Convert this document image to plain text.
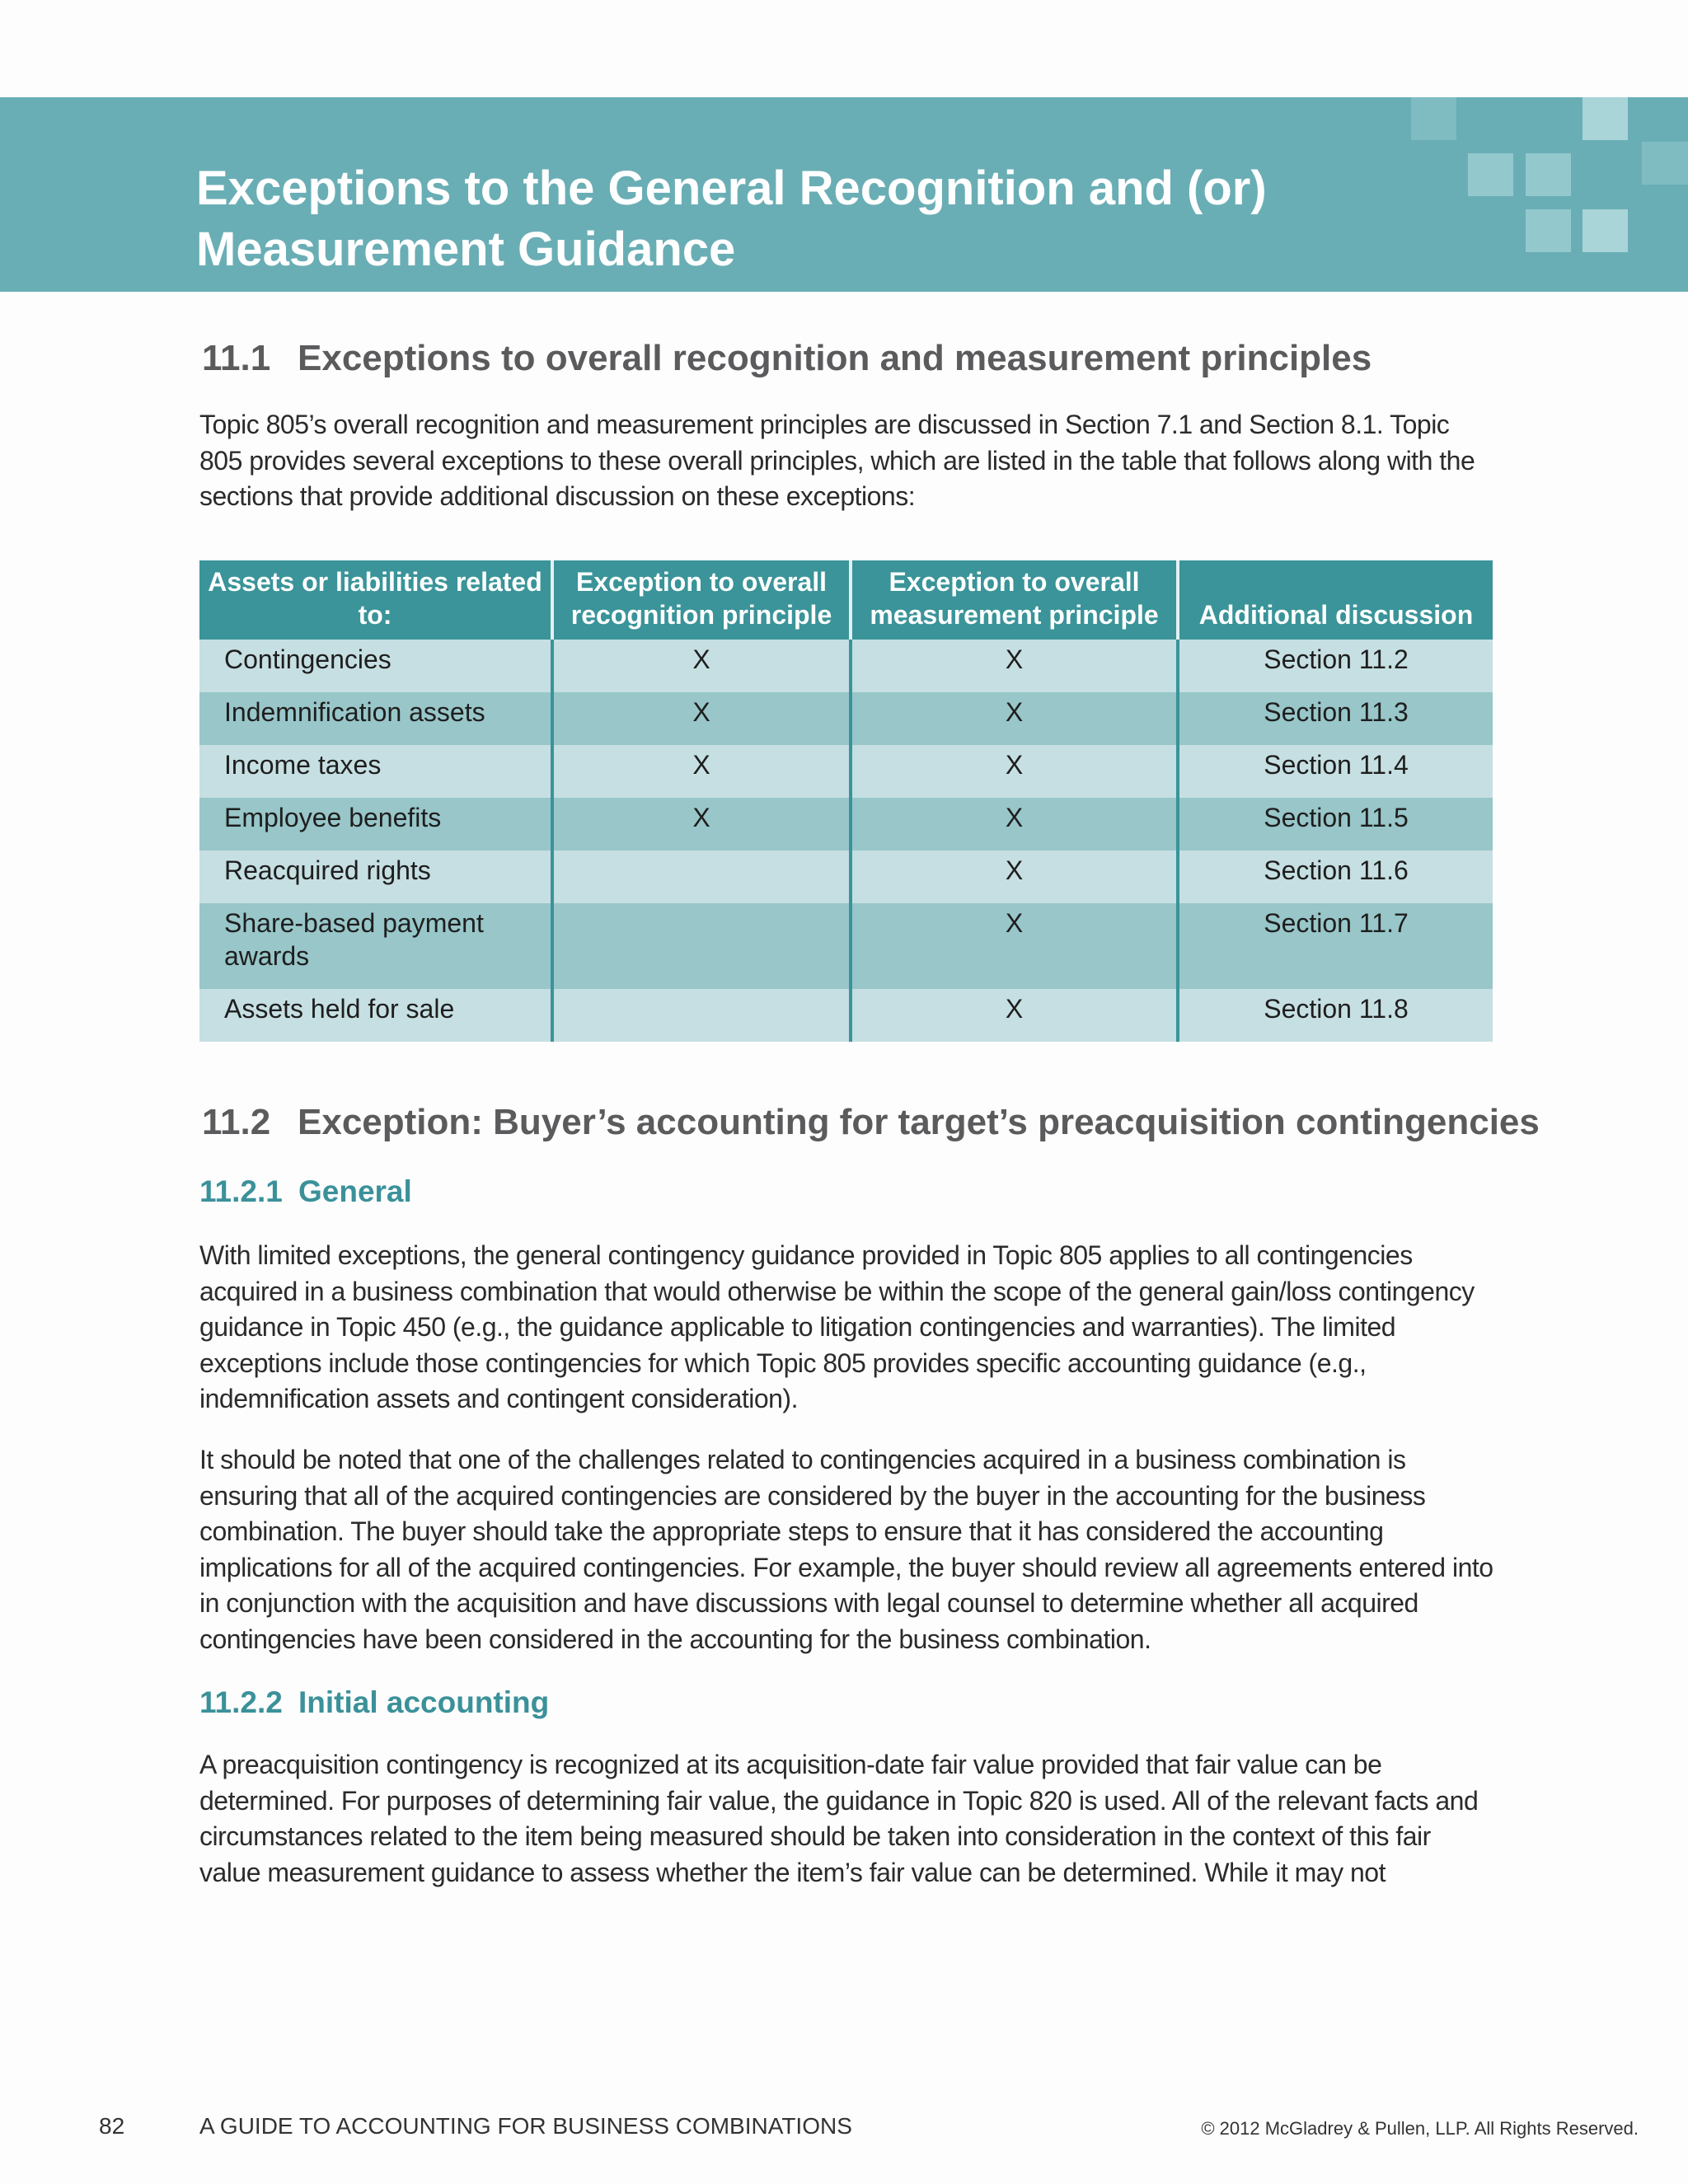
Exceptions to the General Recognition and (or)
Measurement Guidance
11.1 Exceptions to overall recognition and measurement principles

Topic 805’s overall recognition and measurement principles are discussed in Section 7.1 and Section 8.1. Topic 805 provides several exceptions to these overall principles, which are listed in the table that follows along with the sections that provide additional discussion on these exceptions:

Assets or liabilities related to:	Exception to overall recognition principle	Exception to overall measurement principle	Additional discussion
Contingencies	X	X	Section 11.2
Indemnification assets	X	X	Section 11.3
Income taxes	X	X	Section 11.4
Employee benefits	X	X	Section 11.5
Reacquired rights		X	Section 11.6
Share-based payment awards		X	Section 11.7
Assets held for sale		X	Section 11.8
11.2 Exception: Buyer’s accounting for target’s preacquisition contingencies
11.2.1 General

With limited exceptions, the general contingency guidance provided in Topic 805 applies to all contingencies acquired in a business combination that would otherwise be within the scope of the general gain/loss contingency guidance in Topic 450 (e.g., the guidance applicable to litigation contingencies and warranties). The limited exceptions include those contingencies for which Topic 805 provides specific accounting guidance (e.g., indemnification assets and contingent consideration).

It should be noted that one of the challenges related to contingencies acquired in a business combination is ensuring that all of the acquired contingencies are considered by the buyer in the accounting for the business combination. The buyer should take the appropriate steps to ensure that it has considered the accounting implications for all of the acquired contingencies. For example, the buyer should review all agreements entered into in conjunction with the acquisition and have discussions with legal counsel to determine whether all acquired contingencies have been considered in the accounting for the business combination.

11.2.2 Initial accounting

A preacquisition contingency is recognized at its acquisition-date fair value provided that fair value can be determined. For purposes of determining fair value, the guidance in Topic 820 is used. All of the relevant facts and circumstances related to the item being measured should be taken into consideration in the context of this fair value measurement guidance to assess whether the item’s fair value can be determined. While it may not

82	A GUIDE TO ACCOUNTING FOR BUSINESS COMBINATIONS	© 2012 McGladrey & Pullen, LLP. All Rights Reserved.
